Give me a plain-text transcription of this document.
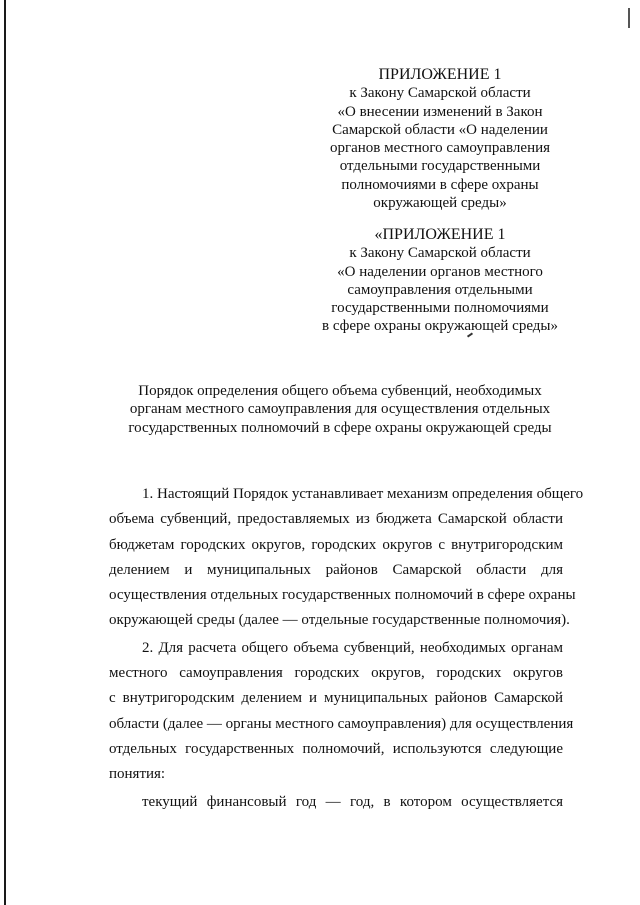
ПРИЛОЖЕНИЕ 1
к Закону Самарской области
«О внесении изменений в Закон
Самарской области «О наделении
органов местного самоуправления
отдельными государственными
полномочиями в сфере охраны
окружающей среды»
«ПРИЛОЖЕНИЕ 1
к Закону Самарской области
«О наделении органов местного
самоуправления отдельными
государственными полномочиями
в сфере охраны окружающей среды»
Порядок определения общего объема субвенций, необходимых
органам местного самоуправления для осуществления отдельных
государственных полномочий в сфере охраны окружающей среды

1. Настоящий Порядок устанавливает механизм определения общего
объема субвенций, предоставляемых из бюджета Самарской области
бюджетам городских округов, городских округов с внутригородским
делением и муниципальных районов Самарской области для
осуществления отдельных государственных полномочий в сфере охраны
окружающей среды (далее — отдельные государственные полномочия).

2. Для расчета общего объема субвенций, необходимых органам
местного самоуправления городских округов, городских округов
с внутригородским делением и муниципальных районов Самарской
области (далее — органы местного самоуправления) для осуществления
отдельных государственных полномочий, используются следующие
понятия:

текущий финансовый год — год, в котором осуществляется
